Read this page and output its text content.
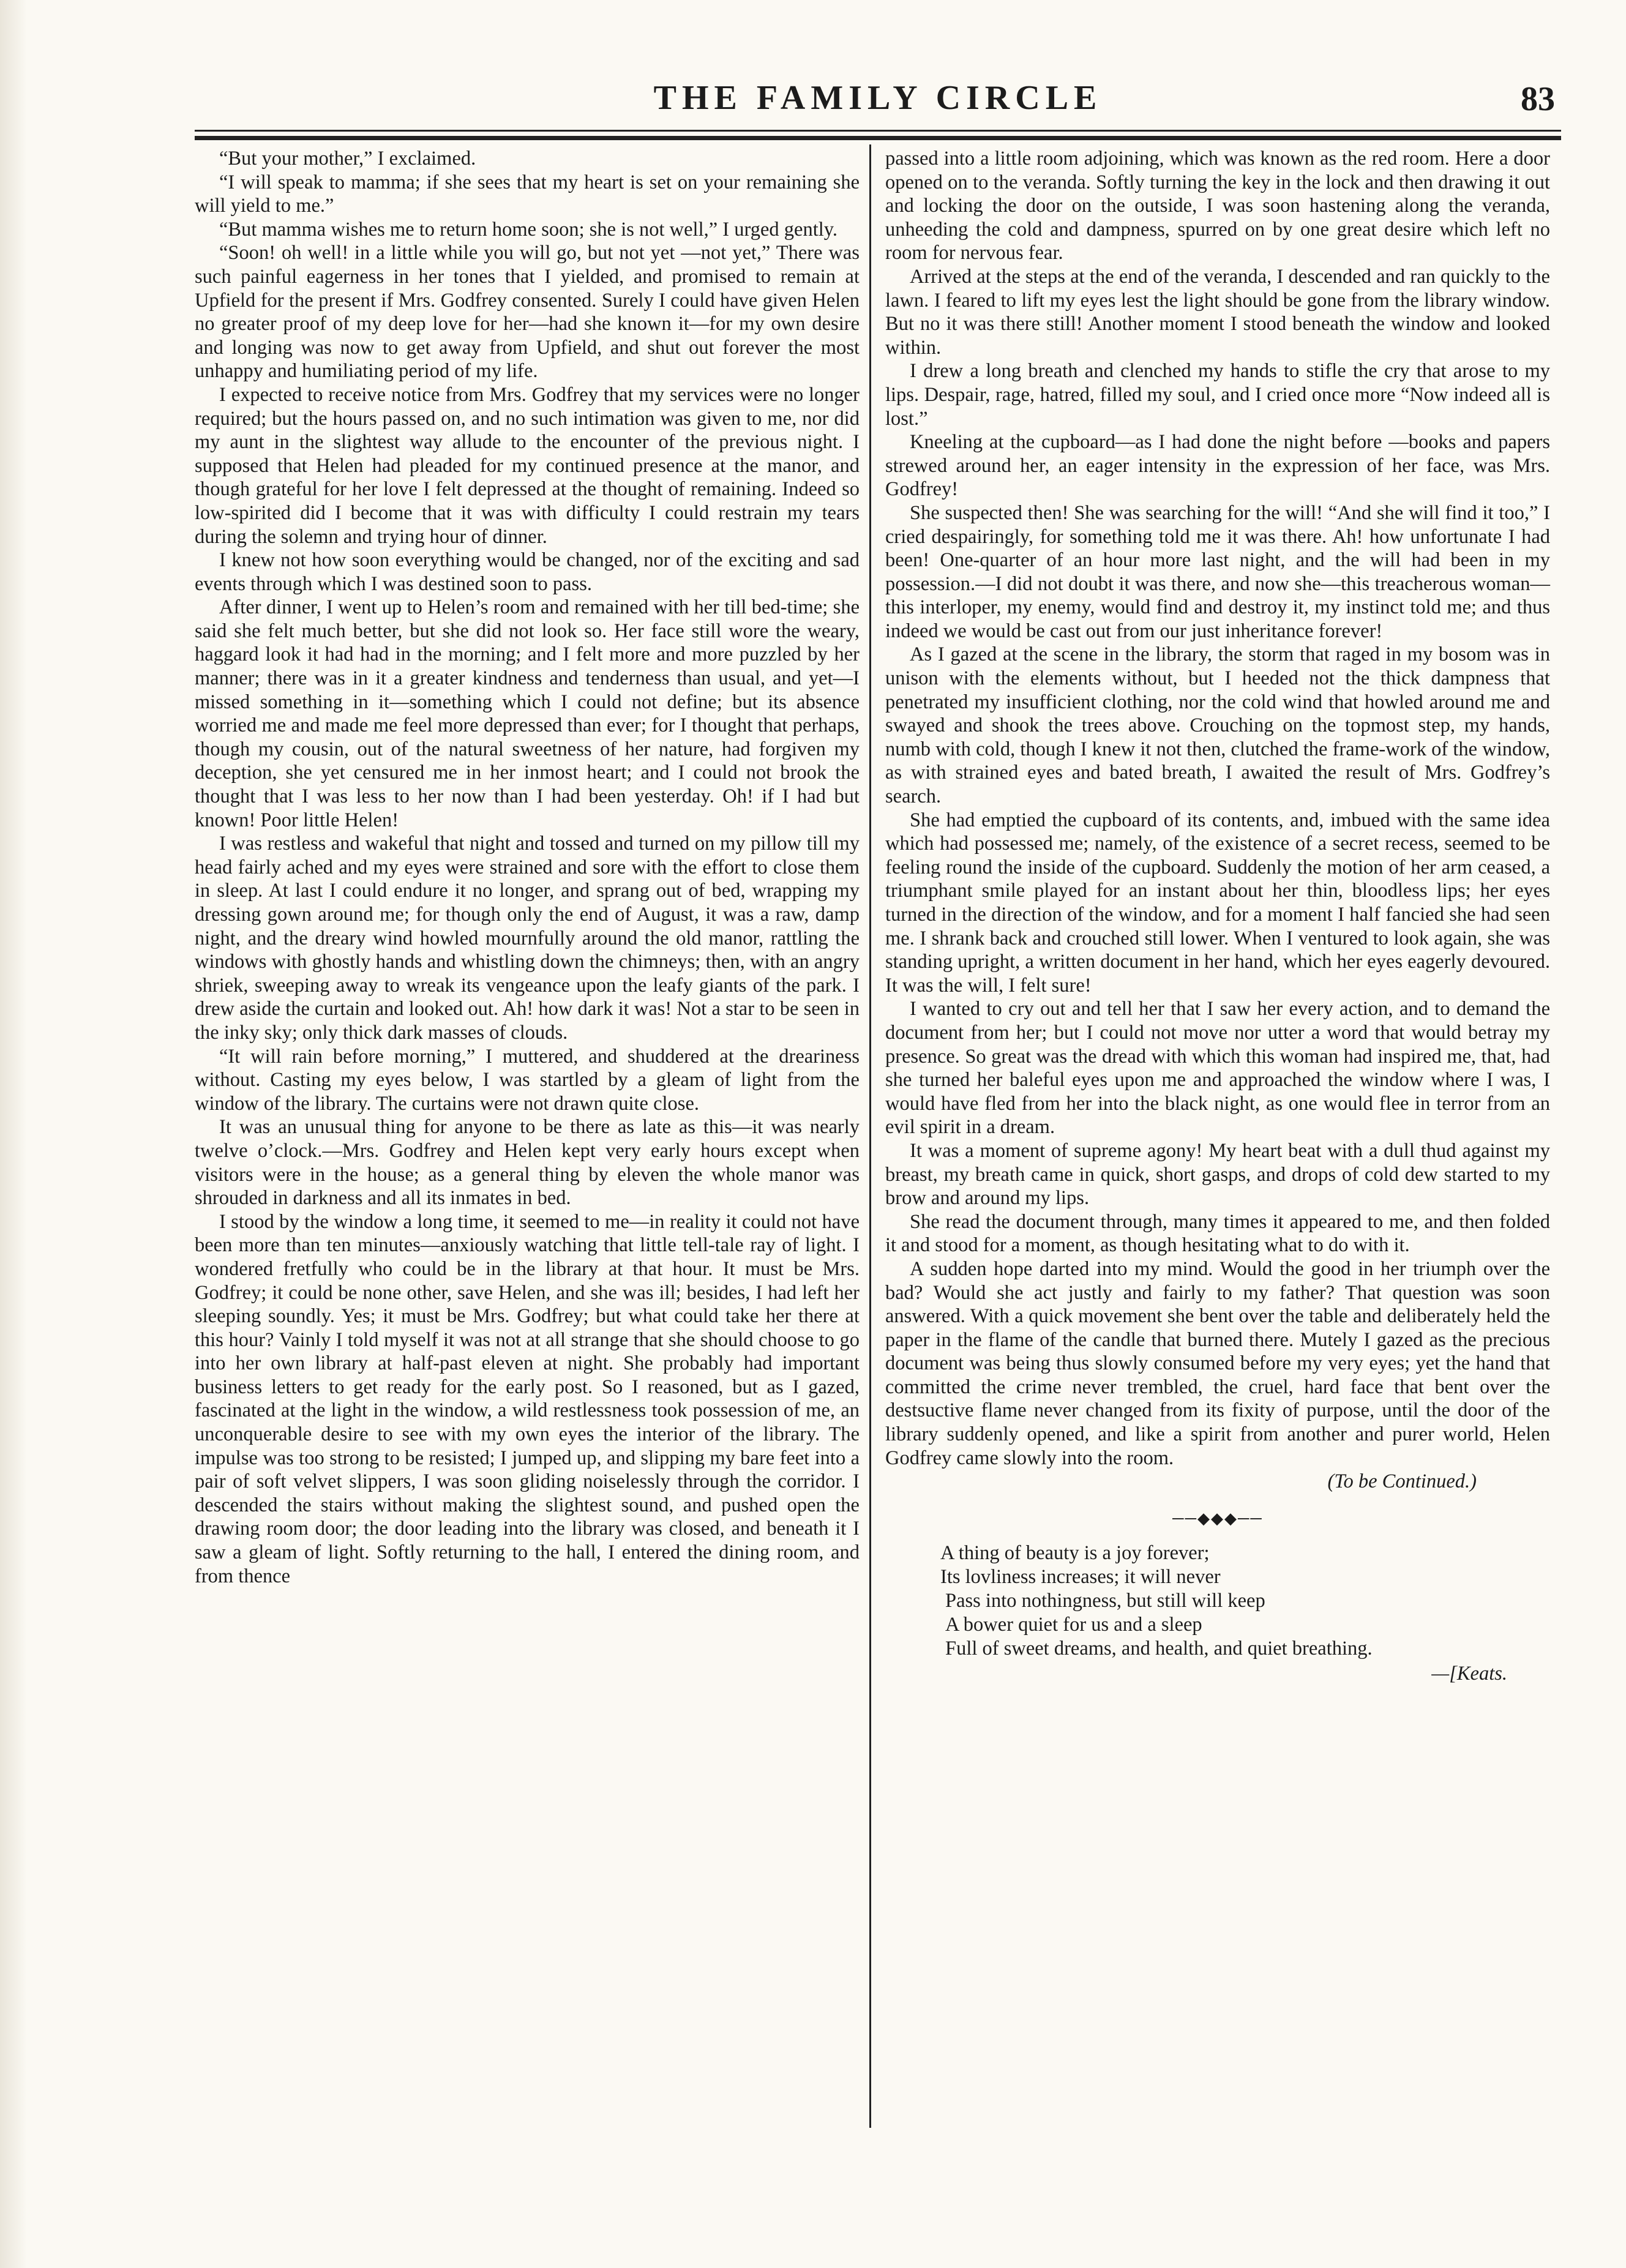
THE FAMILY CIRCLE	83

“But your mother,” I exclaimed.

“I will speak to mamma; if she sees that my heart is set on your remaining she will yield to me.”

“But mamma wishes me to return home soon; she is not well,” I urged gently.

“Soon! oh well! in a little while you will go, but not yet —not yet,” There was such painful eagerness in her tones that I yielded, and promised to remain at Upfield for the present if Mrs. Godfrey consented. Surely I could have given Helen no greater proof of my deep love for her—had she known it—for my own desire and longing was now to get away from Upfield, and shut out forever the most unhappy and humiliating period of my life.

I expected to receive notice from Mrs. Godfrey that my services were no longer required; but the hours passed on, and no such intimation was given to me, nor did my aunt in the slightest way allude to the encounter of the previous night. I supposed that Helen had pleaded for my continued presence at the manor, and though grateful for her love I felt depressed at the thought of remaining. Indeed so low-spirited did I become that it was with difficulty I could restrain my tears during the solemn and trying hour of dinner.

I knew not how soon everything would be changed, nor of the exciting and sad events through which I was destined soon to pass.

After dinner, I went up to Helen’s room and remained with her till bed-time; she said she felt much better, but she did not look so. Her face still wore the weary, haggard look it had had in the morning; and I felt more and more puzzled by her manner; there was in it a greater kindness and tenderness than usual, and yet—I missed something in it—something which I could not define; but its absence worried me and made me feel more depressed than ever; for I thought that perhaps, though my cousin, out of the natural sweetness of her nature, had forgiven my deception, she yet censured me in her inmost heart; and I could not brook the thought that I was less to her now than I had been yesterday. Oh! if I had but known! Poor little Helen!

I was restless and wakeful that night and tossed and turned on my pillow till my head fairly ached and my eyes were strained and sore with the effort to close them in sleep. At last I could endure it no longer, and sprang out of bed, wrapping my dressing gown around me; for though only the end of August, it was a raw, damp night, and the dreary wind howled mournfully around the old manor, rattling the windows with ghostly hands and whistling down the chimneys; then, with an angry shriek, sweeping away to wreak its vengeance upon the leafy giants of the park. I drew aside the curtain and looked out. Ah! how dark it was! Not a star to be seen in the inky sky; only thick dark masses of clouds.

“It will rain before morning,” I muttered, and shuddered at the dreariness without. Casting my eyes below, I was startled by a gleam of light from the window of the library. The curtains were not drawn quite close.

It was an unusual thing for anyone to be there as late as this—it was nearly twelve o’clock.—Mrs. Godfrey and Helen kept very early hours except when visitors were in the house; as a general thing by eleven the whole manor was shrouded in darkness and all its inmates in bed.

I stood by the window a long time, it seemed to me—in reality it could not have been more than ten minutes—anxiously watching that little tell-tale ray of light. I wondered fretfully who could be in the library at that hour. It must be Mrs. Godfrey; it could be none other, save Helen, and she was ill; besides, I had left her sleeping soundly. Yes; it must be Mrs. Godfrey; but what could take her there at this hour? Vainly I told myself it was not at all strange that she should choose to go into her own library at half-past eleven at night. She probably had important business letters to get ready for the early post. So I reasoned, but as I gazed, fascinated at the light in the window, a wild restlessness took possession of me, an unconquerable desire to see with my own eyes the interior of the library. The impulse was too strong to be resisted; I jumped up, and slipping my bare feet into a pair of soft velvet slippers, I was soon gliding noiselessly through the corridor. I descended the stairs without making the slightest sound, and pushed open the drawing room door; the door leading into the library was closed, and beneath it I saw a gleam of light. Softly returning to the hall, I entered the dining room, and from thence

passed into a little room adjoining, which was known as the red room. Here a door opened on to the veranda. Softly turning the key in the lock and then drawing it out and locking the door on the outside, I was soon hastening along the veranda, unheeding the cold and dampness, spurred on by one great desire which left no room for nervous fear.

Arrived at the steps at the end of the veranda, I descended and ran quickly to the lawn. I feared to lift my eyes lest the light should be gone from the library window. But no it was there still! Another moment I stood beneath the window and looked within.

I drew a long breath and clenched my hands to stifle the cry that arose to my lips. Despair, rage, hatred, filled my soul, and I cried once more “Now indeed all is lost.”

Kneeling at the cupboard—as I had done the night before —books and papers strewed around her, an eager intensity in the expression of her face, was Mrs. Godfrey!

She suspected then! She was searching for the will! “And she will find it too,” I cried despairingly, for something told me it was there. Ah! how unfortunate I had been! One-quarter of an hour more last night, and the will had been in my possession.—I did not doubt it was there, and now she—this treacherous woman—this interloper, my enemy, would find and destroy it, my instinct told me; and thus indeed we would be cast out from our just inheritance forever!

As I gazed at the scene in the library, the storm that raged in my bosom was in unison with the elements without, but I heeded not the thick dampness that penetrated my insufficient clothing, nor the cold wind that howled around me and swayed and shook the trees above. Crouching on the topmost step, my hands, numb with cold, though I knew it not then, clutched the frame-work of the window, as with strained eyes and bated breath, I awaited the result of Mrs. Godfrey’s search.

She had emptied the cupboard of its contents, and, imbued with the same idea which had possessed me; namely, of the existence of a secret recess, seemed to be feeling round the inside of the cupboard. Suddenly the motion of her arm ceased, a triumphant smile played for an instant about her thin, bloodless lips; her eyes turned in the direction of the window, and for a moment I half fancied she had seen me. I shrank back and crouched still lower. When I ventured to look again, she was standing upright, a written document in her hand, which her eyes eagerly devoured. It was the will, I felt sure!

I wanted to cry out and tell her that I saw her every action, and to demand the document from her; but I could not move nor utter a word that would betray my presence. So great was the dread with which this woman had inspired me, that, had she turned her baleful eyes upon me and approached the window where I was, I would have fled from her into the black night, as one would flee in terror from an evil spirit in a dream.

It was a moment of supreme agony! My heart beat with a dull thud against my breast, my breath came in quick, short gasps, and drops of cold dew started to my brow and around my lips.

She read the document through, many times it appeared to me, and then folded it and stood for a moment, as though hesitating what to do with it.

A sudden hope darted into my mind. Would the good in her triumph over the bad? Would she act justly and fairly to my father? That question was soon answered. With a quick movement she bent over the table and deliberately held the paper in the flame of the candle that burned there. Mutely I gazed as the precious document was being thus slowly consumed before my very eyes; yet the hand that committed the crime never trembled, the cruel, hard face that bent over the destsuctive flame never changed from its fixity of purpose, until the door of the library suddenly opened, and like a spirit from another and purer world, Helen Godfrey came slowly into the room.

(To be Continued.)

──◆◆◆──
A thing of beauty is a joy forever;
Its lovliness increases; it will never
Pass into nothingness, but still will keep
A bower quiet for us and a sleep
Full of sweet dreams, and health, and quiet breathing.
—[Keats.
